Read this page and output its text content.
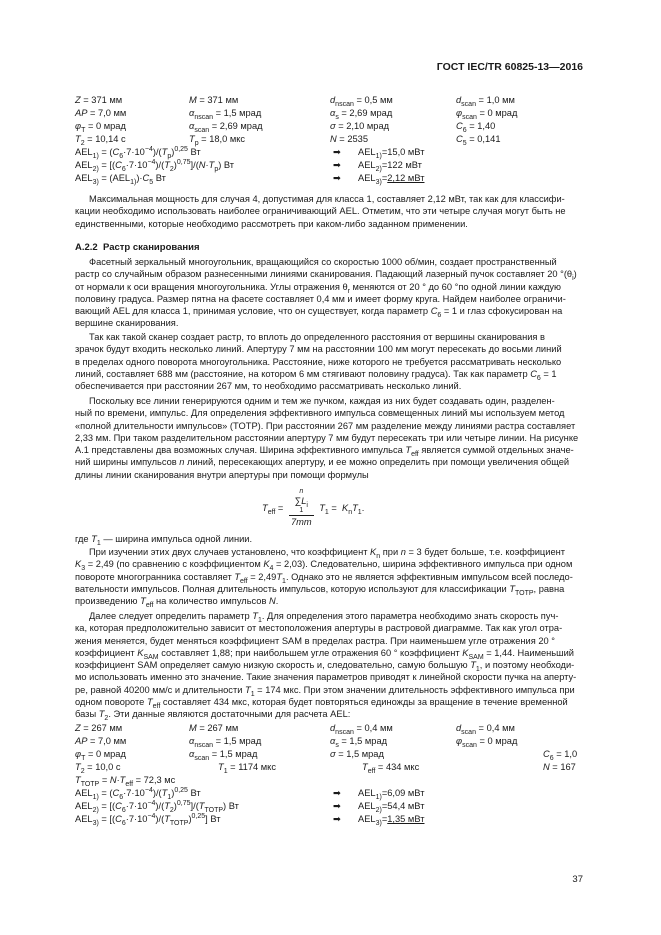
ГОСТ IEC/TR 60825-13—2016
Z = 371 мм	M = 371 мм	$d_{nscan} = 0,5$ мм	$d_{scan} = 1,0$ мм
AP = 7,0 мм	$\alpha_{nscan} = 1,5$ мрад	$\alpha_s = 2,69$ мрад	$\varphi_{scan} = 0$ мрад
$\varphi_T = 0$ мрад	$\alpha_{scan} = 2,69$ мрад	σ = 2,10 мрад	$C_6 = 1,40$
$T_2 = 10,14$ с	$T_p = 18,0$ мкс	N = 2535	$C_5 = 0,141$
$AEL_{1)} = (C_6\cdot 7\cdot 10^{-4})/(T_p)^{0,25}$ Вт	➡ $AEL_{1)}=15,0$ мВт
$AEL_{2)} = [(C_6\cdot 7\cdot 10^{-4})/(T_2)^{0,75}]/(N\cdot T_p)$ Вт	➡ $AEL_{2)}=122$ мВт
$AEL_{3)} = (AEL_{1)})\cdot C_5$ Вт	➡ $AEL_{3)}=2,12$ мВт
Максимальная мощность для случая 4, допустимая для класса 1, составляет 2,12 мВт, так как для классифи-
кации необходимо использовать наиболее ограничивающий AEL. Отметим, что эти четыре случая могут быть не
единственными, которые необходимо рассмотреть при каком-либо заданном применении.
A.2.2 Растр сканирования
Фасетный зеркальный многоугольник, вращающийся со скоростью 1000 об/мин, создает пространственный
растр со случайным образом разнесенными линиями сканирования. Падающий лазерный пучок составляет 20 $^\circ(\theta_i)$
от нормали к оси вращения многоугольника. Углы отражения $\theta_r$ меняются от 20 ° до 60 °по одной линии каждую
половину градуса. Размер пятна на фасете составляет 0,4 мм и имеет форму круга. Найдем наиболее ограничи-
вающий AEL для класса 1, принимая условие, что он существует, когда параметр $C_6 = 1$ и глаз сфокусирован на
вершине сканирования.
Так как такой сканер создает растр, то вплоть до определенного расстояния от вершины сканирования в
зрачок будут входить несколько линий. Апертуру 7 мм на расстоянии 100 мм могут пересекать до восьми линий
в пределах одного поворота многоугольника. Расстояние, ниже которого не требуется рассматривать несколько
линий, составляет 688 мм (расстояние, на котором 6 мм стягивают половину градуса). Так как параметр $C_6 = 1$
обеспечивается при расстоянии 267 мм, то необходимо рассматривать несколько линий.
Поскольку все линии генерируются одним и тем же пучком, каждая из них будет создавать один, разделен-
ный по времени, импульс. Для определения эффективного импульса совмещенных линий мы используем метод
«полной длительности импульсов» (TOTP). При расстоянии 267 мм разделение между линиями растра составляет
2,33 мм. При таком разделительном расстоянии апертуру 7 мм будут пересекать три или четыре линии. На рисунке
А.1 представлены два возможных случая. Ширина эффективного импульса $T_{eff}$ является суммой отдельных значе-
ний ширины импульсов n линий, пересекающих апертуру, и ее можно определить при помощи увеличения общей
длины линии сканирования внутри апертуры при помощи формулы
$T_{eff} = n$
$\sum L_i$
1
7mm $T_1 = K_nT_1$.
где $T_1$ — ширина импульса одной линии.
При изучении этих двух случаев установлено, что коэффициент $K_n$ при n = 3 будет больше, т.е. коэффициент
$K_3 = 2,49$ (по сравнению с коэффициентом $K_4 = 2,03$). Следовательно, ширина эффективного импульса при одном
повороте многогранника составляет $T_{eff} = 2,49T_1$. Однако это не является эффективным импульсом всей последо-
вательности импульсов. Полная длительность импульсов, которую используют для классификации $T_{TOTP}$, равна
произведению $T_{eff}$ на количество импульсов N.
Далее следует определить параметр $T_1$. Для определения этого параметра необходимо знать скорость пуч-
ка, которая предположительно зависит от местоположения апертуры в растровой диаграмме. Так как угол отра-
жения меняется, будет меняться коэффициент SAM в пределах растра. При наименьшем угле отражения 20 °
коэффициент $K_{SAM}$ составляет 1,88; при наибольшем угле отражения 60 ° коэффициент $K_{SAM} = 1,44$. Наименьший
коэффициент SAM определяет самую низкую скорость и, следовательно, самую большую $T_1$, и поэтому необходи-
мо использовать именно это значение. Такие значения параметров приводят к линейной скорости пучка на аперту-
ре, равной 40200 мм/с и длительности $T_1 = 174$ мкс. При этом значении длительность эффективного импульса при
одном повороте $T_{eff}$ составляет 434 мкс, которая будет повторяться единожды за вращение в течение временной
базы $T_2$. Эти данные являются достаточными для расчета AEL:
Z = 267 мм	M = 267 мм	$d_{nscan} = 0,4$ мм	$d_{scan} = 0,4$ мм
AP = 7,0 мм	$\alpha_{nscan} = 1,5$ мрад	$\alpha_s = 1,5$ мрад	$\varphi_{scan} = 0$ мрад
$\varphi_T = 0$ мрад	$\alpha_{scan} = 1,5$ мрад	σ = 1,5 мрад	$C_6 = 1,0$
$T_2 = 10,0$ с	$T_1 = 1174$ мкс	$T_{eff} = 434$ мкс	N = 167
$T_{TOTP} = N\cdot T_{eff} = 72,3$ мс
$AEL_{1)} = (C_6\cdot 7\cdot 10^{-4})/(T_1)^{0,25}$ Вт	➡ $AEL_{1)}=6,09$ мВт
$AEL_{2)} = [(C_6\cdot 7\cdot 10^{-4})/(T_2)^{0,75}]/(T_{TOTP})$ Вт	➡ $AEL_{2)}=54,4$ мВт
$AEL_{3)} = [(C_6\cdot 7\cdot 10^{-4})/(T_{TOTP})^{0,25}]$ Вт	➡ $AEL_{3)}=1,35$ мВт
37
